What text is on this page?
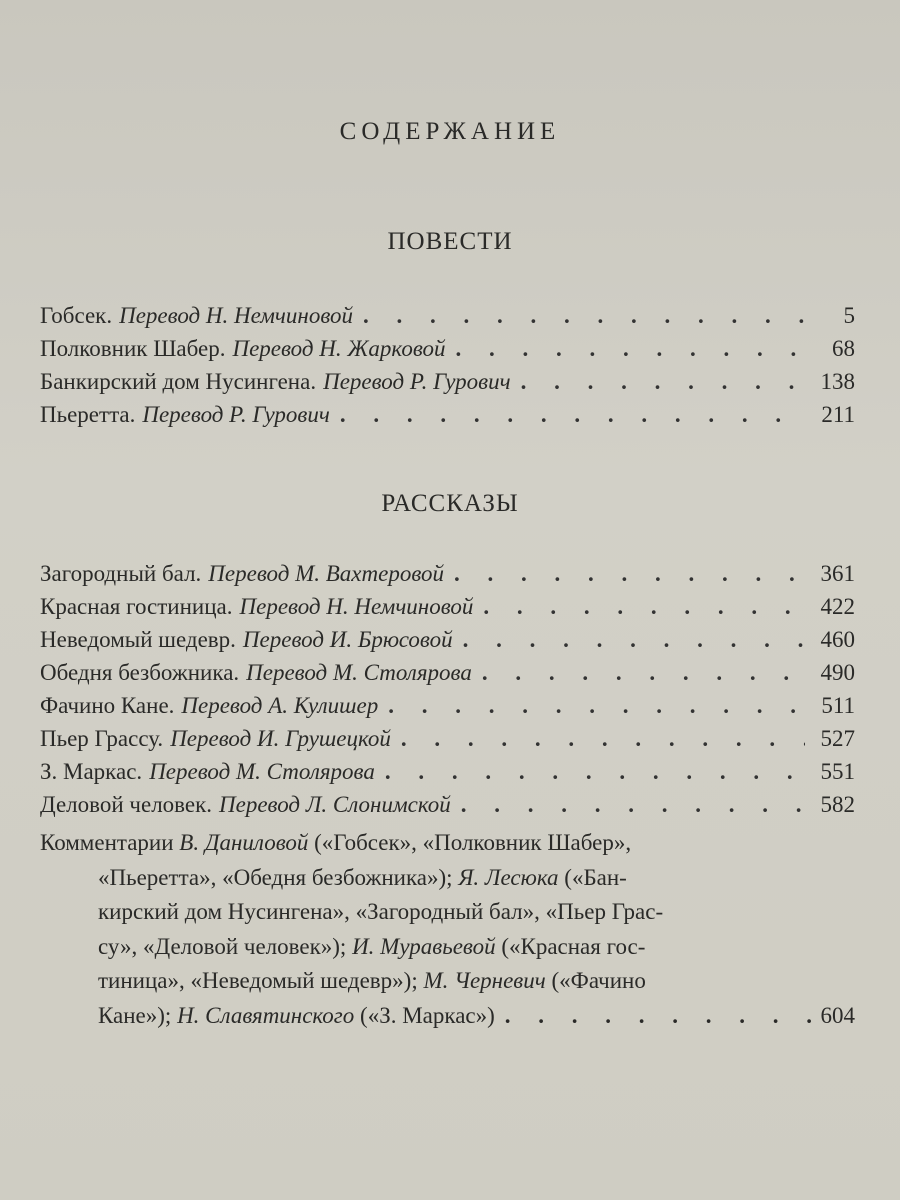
СОДЕРЖАНИЕ
ПОВЕСТИ
Гобсек. Перевод Н. Немчиновой . . .	5
Полковник Шабер. Перевод Н. Жарковой . . .	68
Банкирский дом Нусингена. Перевод Р. Гурович . . .	138
Пьеретта. Перевод Р. Гурович . . .	211
РАССКАЗЫ
Загородный бал. Перевод М. Вахтеровой . . .	361
Красная гостиница. Перевод Н. Немчиновой . . .	422
Неведомый шедевр. Перевод И. Брюсовой . . .	460
Обедня безбожника. Перевод М. Столярова . . .	490
Фачино Кане. Перевод А. Кулишер . . .	511
Пьер Грассу. Перевод И. Грушецкой . . .	527
З. Маркас. Перевод М. Столярова . . .	551
Деловой человек. Перевод Л. Слонимской . . .	582
Комментарии В. Даниловой («Гобсек», «Полковник Шабер»,
«Пьеретта», «Обедня безбожника»); Я. Лесюка («Бан-
кирский дом Нусингена», «Загородный бал», «Пьер Грас-
су», «Деловой человек»); И. Муравьевой («Красная гос-
тиница», «Неведомый шедевр»); М. Черневич («Фачино
Кане»);
Н. Славятинского
(«З. Маркас») . . .	604
